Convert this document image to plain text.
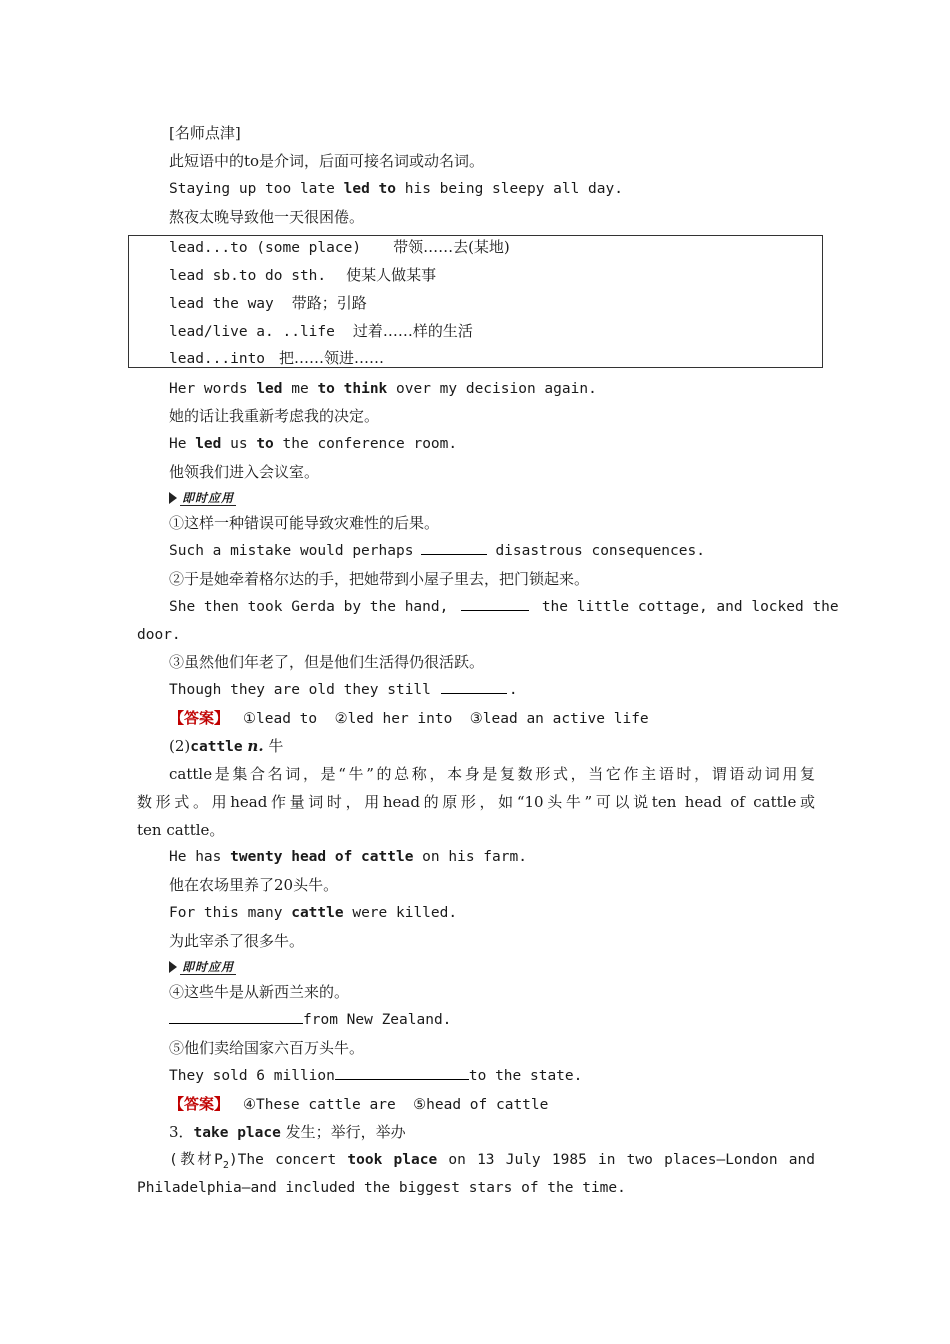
[名师点津]
此短语中的to是介词，后面可接名词或动名词。
Staying up too late led to his being sleepy all day.
熬夜太晚导致他一天很困倦。
lead...to (some place) 带领……去(某地)
lead sb.to do sth. 使某人做某事
lead the way 带路；引路
lead/live a. ..life 过着……样的生活
lead...into 把……领进……
Her words led me to think over my decision again.
她的话让我重新考虑我的决定。
He led us to the conference room.
他领我们进入会议室。
即时应用
①这样一种错误可能导致灾难性的后果。
Such a mistake would perhaps	disastrous consequences.
②于是她牵着格尔达的手，把她带到小屋子里去，把门锁起来。
She then took Gerda by the hand,	the little cottage, and locked the
door.
③虽然他们年老了，但是他们生活得仍很活跃。
Though they are old they still	.
【答案】 ①lead to  ②led her into  ③lead an active life
(2)cattle n. 牛
cattle是集合名词，是“牛”的总称，本身是复数形式，当它作主语时，谓语动词用复
数形式。用head作量词时，用head的原形，如“10头牛”可以说ten head of cattle或
ten cattle。
He has twenty head of cattle on his farm.
他在农场里养了20头牛。
For this many cattle were killed.
为此宰杀了很多牛。
即时应用
④这些牛是从新西兰来的。
from New Zealand.
⑤他们卖给国家六百万头牛。
They sold 6 million	to the state.
【答案】 ④These cattle are  ⑤head of cattle
3．take place 发生；举行，举办
(教材$P_2)The$ concert took place on 13 July 1985 in two places—London and
Philadelphia—and included the biggest stars of the time.
